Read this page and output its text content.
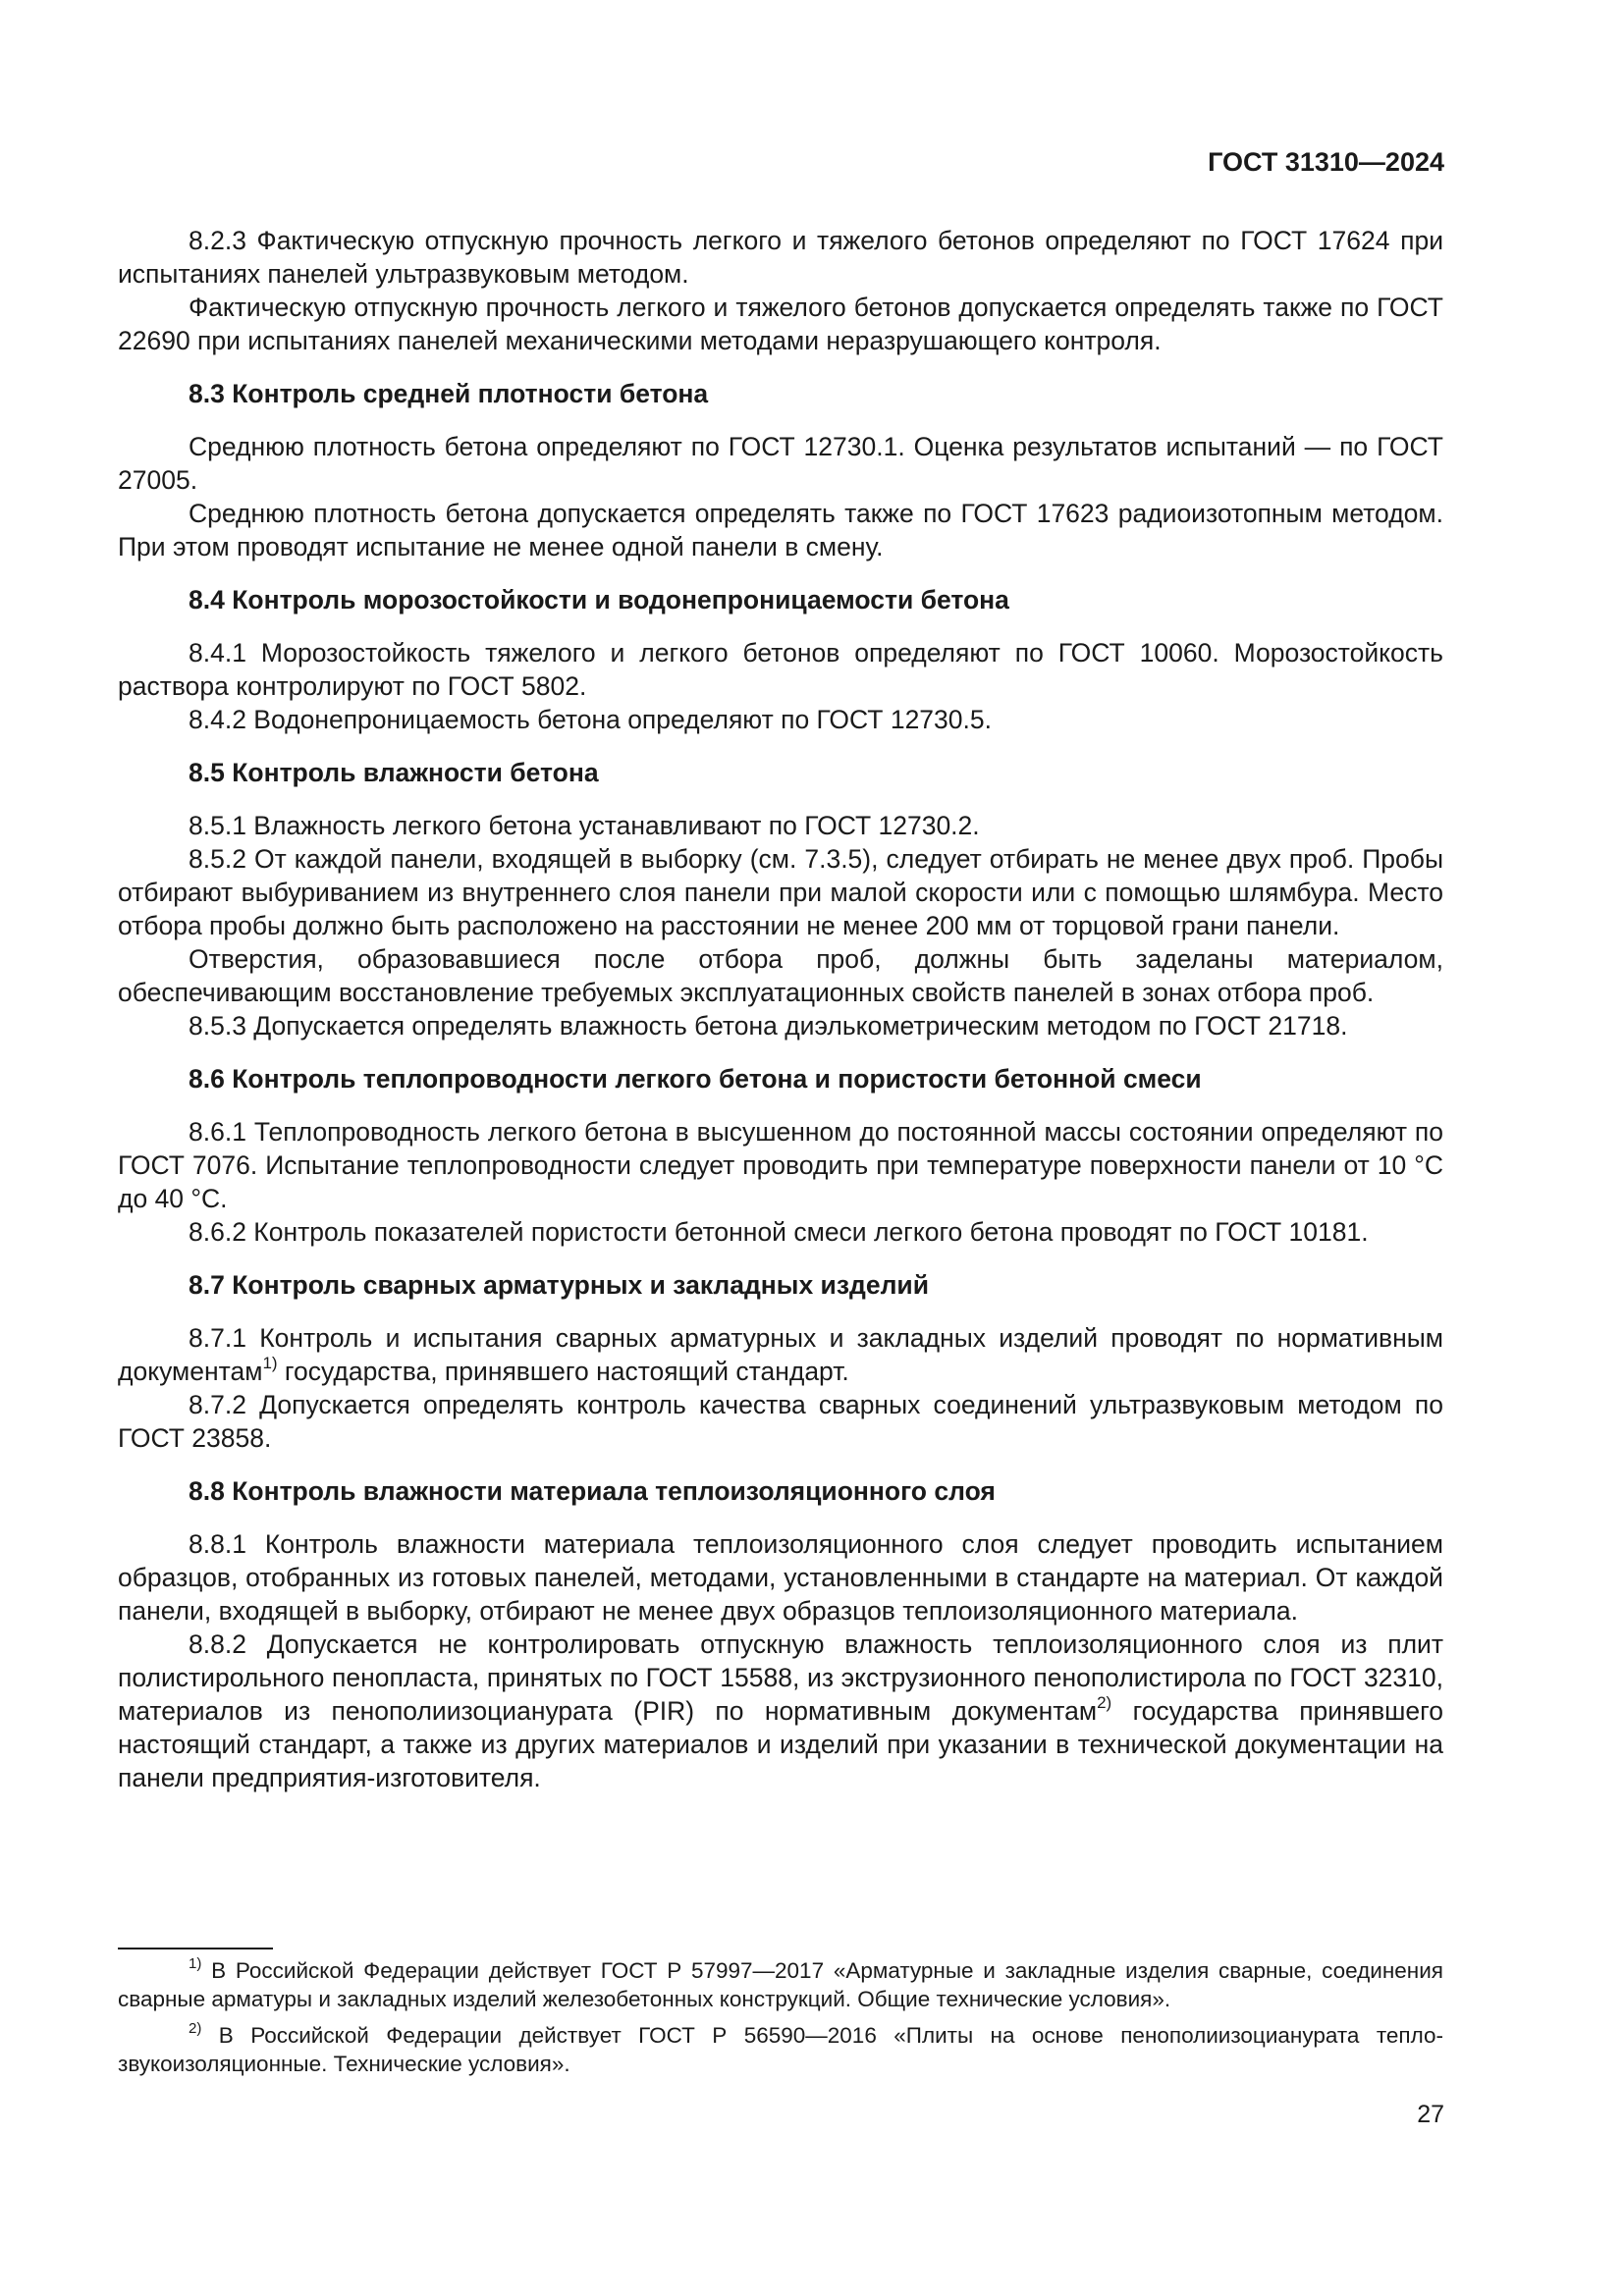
ГОСТ 31310—2024

8.2.3 Фактическую отпускную прочность легкого и тяжелого бетонов определяют по ГОСТ 17624 при испытаниях панелей ультразвуковым методом.

Фактическую отпускную прочность легкого и тяжелого бетонов допускается определять также по ГОСТ 22690 при испытаниях панелей механическими методами неразрушающего контроля.

8.3 Контроль средней плотности бетона

Среднюю плотность бетона определяют по ГОСТ 12730.1. Оценка результатов испытаний — по ГОСТ 27005.

Среднюю плотность бетона допускается определять также по ГОСТ 17623 радиоизотопным методом. При этом проводят испытание не менее одной панели в смену.

8.4 Контроль морозостойкости и водонепроницаемости бетона

8.4.1 Морозостойкость тяжелого и легкого бетонов определяют по ГОСТ 10060. Морозостойкость раствора контролируют по ГОСТ 5802.

8.4.2 Водонепроницаемость бетона определяют по ГОСТ 12730.5.

8.5 Контроль влажности бетона

8.5.1 Влажность легкого бетона устанавливают по ГОСТ 12730.2.

8.5.2 От каждой панели, входящей в выборку (см. 7.3.5), следует отбирать не менее двух проб. Пробы отбирают выбуриванием из внутреннего слоя панели при малой скорости или с помощью шлямбура. Место отбора пробы должно быть расположено на расстоянии не менее 200 мм от торцовой грани панели.

Отверстия, образовавшиеся после отбора проб, должны быть заделаны материалом, обеспечивающим восстановление требуемых эксплуатационных свойств панелей в зонах отбора проб.

8.5.3 Допускается определять влажность бетона диэлькометрическим методом по ГОСТ 21718.

8.6 Контроль теплопроводности легкого бетона и пористости бетонной смеси

8.6.1 Теплопроводность легкого бетона в высушенном до постоянной массы состоянии определяют по ГОСТ 7076. Испытание теплопроводности следует проводить при температуре поверхности панели от 10 °С до 40 °С.

8.6.2 Контроль показателей пористости бетонной смеси легкого бетона проводят по ГОСТ 10181.

8.7 Контроль сварных арматурных и закладных изделий

8.7.1 Контроль и испытания сварных арматурных и закладных изделий проводят по нормативным документам$^{1)}$ государства, принявшего настоящий стандарт.

8.7.2 Допускается определять контроль качества сварных соединений ультразвуковым методом по ГОСТ 23858.

8.8 Контроль влажности материала теплоизоляционного слоя

8.8.1 Контроль влажности материала теплоизоляционного слоя следует проводить испытанием образцов, отобранных из готовых панелей, методами, установленными в стандарте на материал. От каждой панели, входящей в выборку, отбирают не менее двух образцов теплоизоляционного материала.

8.8.2 Допускается не контролировать отпускную влажность теплоизоляционного слоя из плит полистирольного пенопласта, принятых по ГОСТ 15588, из экструзионного пенополистирола по ГОСТ 32310, материалов из пенополиизоцианурата (PIR) по нормативным документам$^{2)}$ государства принявшего настоящий стандарт, а также из других материалов и изделий при указании в технической документации на панели предприятия-изготовителя.

$^{1)}$ В Российской Федерации действует ГОСТ Р 57997—2017 «Арматурные и закладные изделия сварные, соединения сварные арматуры и закладных изделий железобетонных конструкций. Общие технические условия».

$^{2)}$ В Российской Федерации действует ГОСТ Р 56590—2016 «Плиты на основе пенополиизоцианурата тепло-звукоизоляционные. Технические условия».

27
